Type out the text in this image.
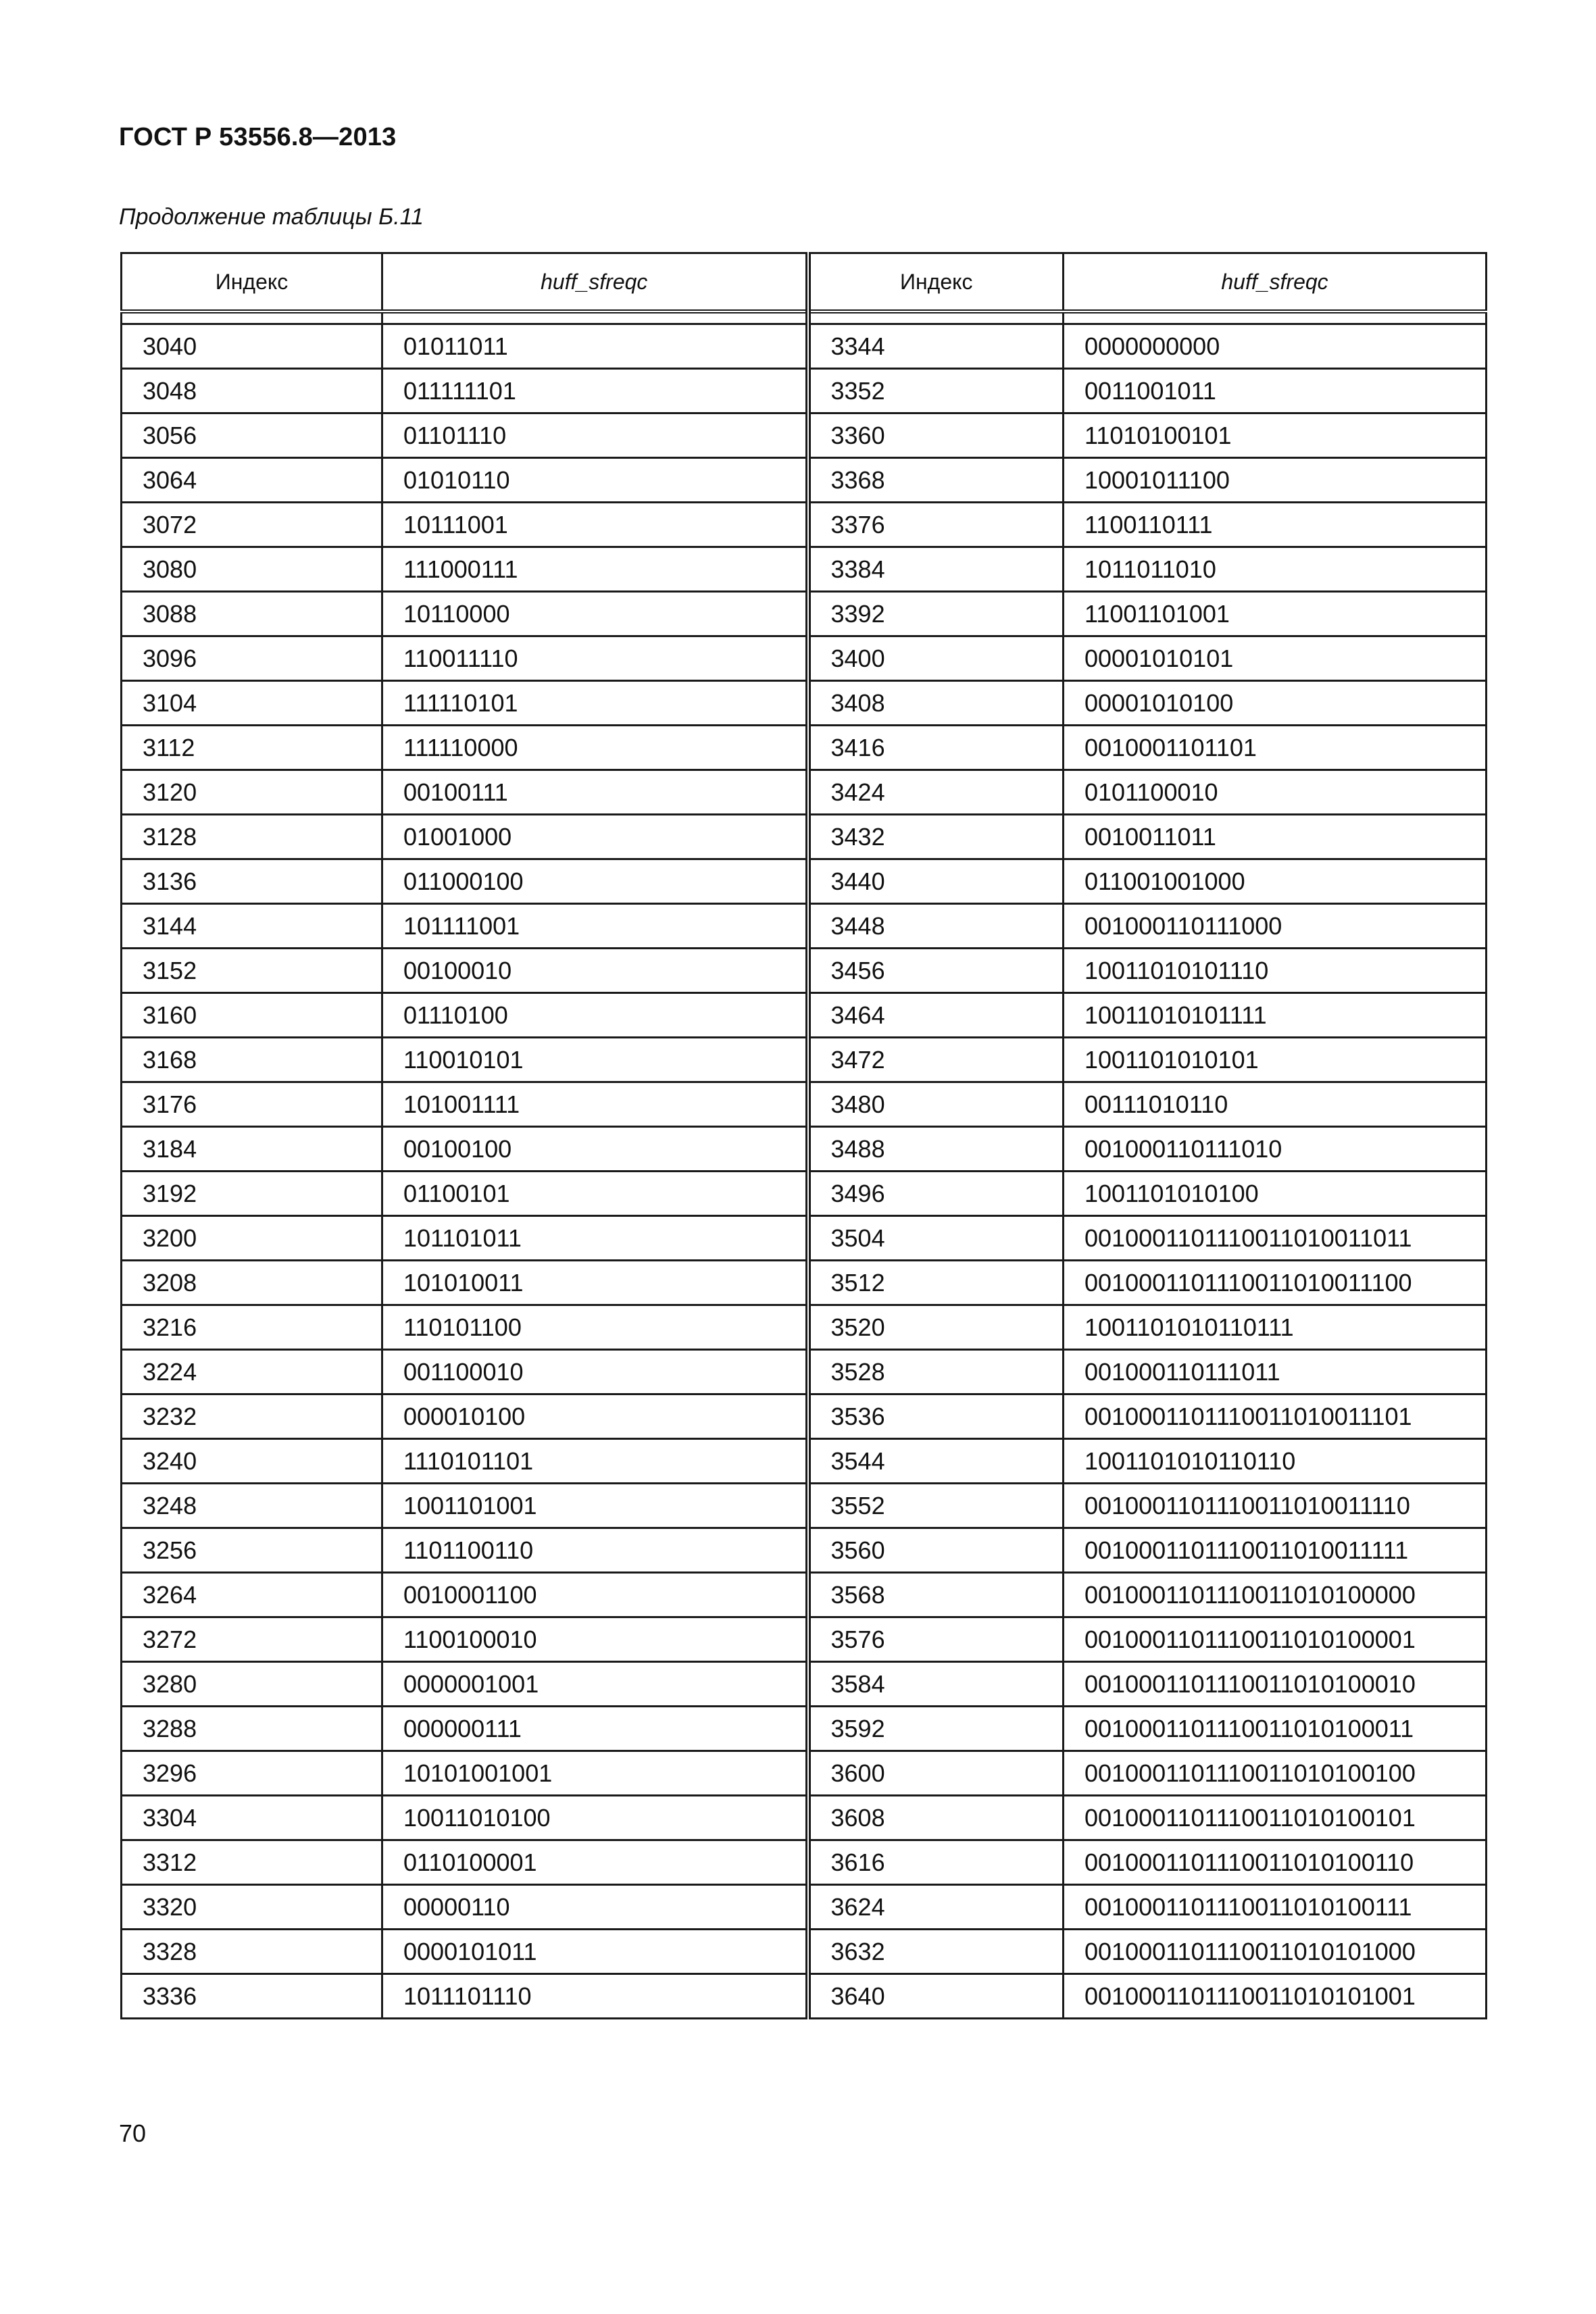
ГОСТ Р 53556.8—2013
Продолжение таблицы Б.11
Индекс	huff_sfreqc	Индекс	huff_sfreqc

3040	01011011	3344	0000000000
3048	011111101	3352	0011001011
3056	01101110	3360	11010100101
3064	01010110	3368	10001011100
3072	10111001	3376	1100110111
3080	111000111	3384	1011011010
3088	10110000	3392	11001101001
3096	110011110	3400	00001010101
3104	111110101	3408	00001010100
3112	111110000	3416	0010001101101
3120	00100111	3424	0101100010
3128	01001000	3432	0010011011
3136	011000100	3440	011001001000
3144	101111001	3448	001000110111000
3152	00100010	3456	10011010101110
3160	01110100	3464	10011010101111
3168	110010101	3472	1001101010101
3176	101001111	3480	00111010110
3184	00100100	3488	001000110111010
3192	01100101	3496	1001101010100
3200	101101011	3504	0010001101110011010011011
3208	101010011	3512	0010001101110011010011100
3216	110101100	3520	1001101010110111
3224	001100010	3528	001000110111011
3232	000010100	3536	0010001101110011010011101
3240	1110101101	3544	1001101010110110
3248	1001101001	3552	0010001101110011010011110
3256	1101100110	3560	0010001101110011010011111
3264	0010001100	3568	0010001101110011010100000
3272	1100100010	3576	0010001101110011010100001
3280	0000001001	3584	0010001101110011010100010
3288	000000111	3592	0010001101110011010100011
3296	10101001001	3600	0010001101110011010100100
3304	10011010100	3608	0010001101110011010100101
3312	0110100001	3616	0010001101110011010100110
3320	00000110	3624	0010001101110011010100111
3328	0000101011	3632	0010001101110011010101000
3336	1011101110	3640	0010001101110011010101001
70
